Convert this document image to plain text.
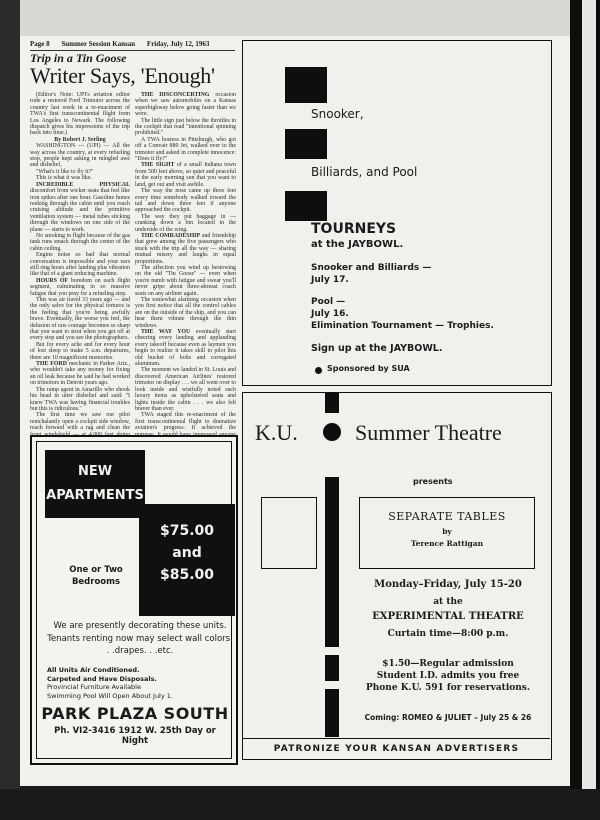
Page 8 Summer Session Kansan Friday, July 12, 1963
Trip in a Tin Goose
Writer Says, 'Enough'

(Editor's Note: UPI's aviation editor rode a restored Ford Trimotor across the country last week in a re-enactment of TWA's first transcontinental flight from Los Angeles to Newark. The following dispatch gives his impressions of the trip back into time.)

By Robert J. Serling

WASHINGTON — (UPI) — All the way across the country, at every refueling stop, people kept asking in mingled awe and disbelief,

"What's it like to fly it?"

This is what it was like.

INCREDIBLE PHYSICAL discomfort from wicker seats that feel like iron spikes after one hour. Gasoline fumes reeking through the cabin until you reach cruising altitude and the primitive ventilation system — metal tubes sticking through the windows on one side of the plane — starts to work.

No smoking in flight because of the gas tank runs smack through the center of the cabin ceiling.

Engine noise so bad that normal conversation is impossible and your ears still ring hours after landing plus vibration like that of a giant reducing machine.

HOURS OF boredom on each flight segment, culminating in so massive fatigue that you pray for a refueling stop.

This was air travel 33 years ago — and the only salve for the physical tortures is the feeling that you're being awfully brave. Eventually, the worse you feel, the delusion of raw courage becomes so sharp that you want to strut when you get off at every stop and you see the photographers.

But for every ache and for every hour of lost sleep to make 5 a.m. departures, there are 10 magnificent memories.

THE FORD mechanic in Parker Ariz., who wouldn't take any money for fixing an oil leak because he said he had worked on trimotors in Detroit years ago.

The ramp agent in Amarillo who shook his head in utter disbelief and said: "I knew TWA was having financial troubles but this is ridiculous."

The first time we saw our pilot nonchalantly open a cockpit side window, reach forward with a rag and clean the

THE DISCONCERTING occasion when we saw automobiles on a Kansas superhighway below going faster than we were.

The little sign just below the throttles in the cockpit that read "intentional spinning prohibited."

A TWA hostess in Pittsburgh, who got off a Convair 880 Jet, walked over to the trimotor and asked in complete innocence: "Does it fly?"

THE SIGHT of a small Indiana town from 500 feet above, so quiet and peaceful in the early morning sun that you want to land, get out and visit awhile.

The way the nose came up three feet every time somebody walked toward the tail and down three feet if anyone approached the cockpit.

The way they put baggage in — cranking down a bin located in the underside of the wing.

THE COMRADESHIP and friendship that grew among the five passengers who stuck with the trip all the way — sharing mutual misery and laughs in equal proportions.

The affection you wind up bestowing on the old "Tin Goose" — even when you're numb with fatigue and swear you'll never gripe about three-abreast coach seats on any airliner again.

The somewhat alarming occasion when you first notice that all the control cables are on the outside of the ship, and you can hear them vibrate through the thin windows.

THE WAY YOU eventually start cheering every landing and applauding every takeoff because even as laymen you begin to realize it takes skill to pilot this old bucket of bolts and corrugated aluminum.

The moment we landed in St. Louis and discovered American Airlines' restored trimotor on display . . . we all went over to look inside and wistfully noted such luxury items as upholstered seats and lights inside the cabin . . . we also felt braver than ever.

TWA staged this re-enactment of the first transcontinental flight to dramatize aviation's progress. It achieved the

NEW
APARTMENTS
$75.00
and
$85.00
One or Two
Bedrooms
We are presently decorating these units. Tenants renting now may select wall colors. . .drapes. . .etc.
All Units Air Conditioned.
Carpeted and Have Disposals.
Provincial Furniture Available
Swimming Pool Will Open About July 1.
PARK PLAZA SOUTH
Ph. VI2-3416 1912 W. 25th Day or Night
Snooker,
Billiards, and Pool
TOURNEYS
at the JAYBOWL.
Snooker and Billiards —
July 17.
Pool —
July 16.
Elimination Tournament — Trophies.
Sign up at the JAYBOWL.
Sponsored by SUA
K.U.	Summer Theatre
presents
SEPARATE TABLES
by
Terence Rattigan
Monday–Friday, July 15-20
at the
EXPERIMENTAL THEATRE
Curtain time—8:00 p.m.
$1.50—Regular admission
Student I.D. admits you free
Phone K.U. 591 for reservations.
Coming: ROMEO & JULIET – July 25 & 26
PATRONIZE YOUR KANSAN ADVERTISERS
